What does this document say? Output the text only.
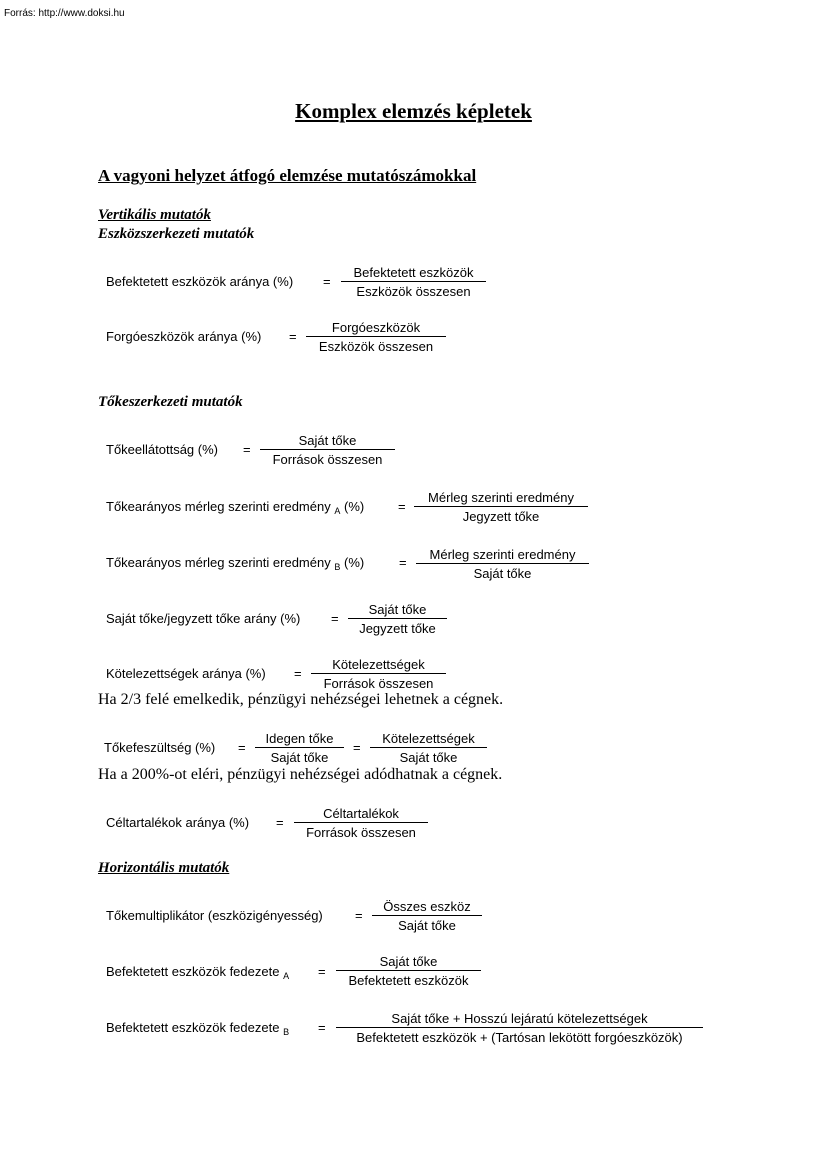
Forrás: http://www.doksi.hu
Komplex elemzés képletek
A vagyoni helyzet átfogó elemzése mutatószámokkal
Vertikális mutatók
Eszközszerkezeti mutatók
Befektetett eszközök aránya (%) =
Befektetett eszközök
Eszközök összesen
Forgóeszközök aránya (%) =
Forgóeszközök
Eszközök összesen
Tőkeszerkezeti mutatók
Tőkeellátottság (%) =
Saját tőke
Források összesen
Tőkearányos mérleg szerinti eredmény $_A$ (%)	=
Mérleg szerinti eredmény
Jegyzett tőke
Tőkearányos mérleg szerinti eredmény $_B$ (%)	=
Mérleg szerinti eredmény
Saját tőke
Saját tőke/jegyzett tőke arány (%) =
Saját tőke
Jegyzett tőke
Kötelezettségek aránya (%) =
Kötelezettségek
Források összesen
Ha 2/3 felé emelkedik, pénzügyi nehézségei lehetnek a cégnek.
Tőkefeszültség (%) =
Idegen tőke
Saját tőke
=
Kötelezettségek
Saját tőke
Ha a 200%-ot eléri, pénzügyi nehézségei adódhatnak a cégnek.
Céltartalékok aránya (%) =
Céltartalékok
Források összesen
Horizontális mutatók
Tőkemultiplikátor (eszközigényesség) =
Összes eszköz
Saját tőke
Befektetett eszközök fedezete $_A$ =
Saját tőke
Befektetett eszközök
Befektetett eszközök fedezete $_B$ =
Saját tőke + Hosszú lejáratú kötelezettségek
Befektetett eszközök + (Tartósan lekötött forgóeszközök)
